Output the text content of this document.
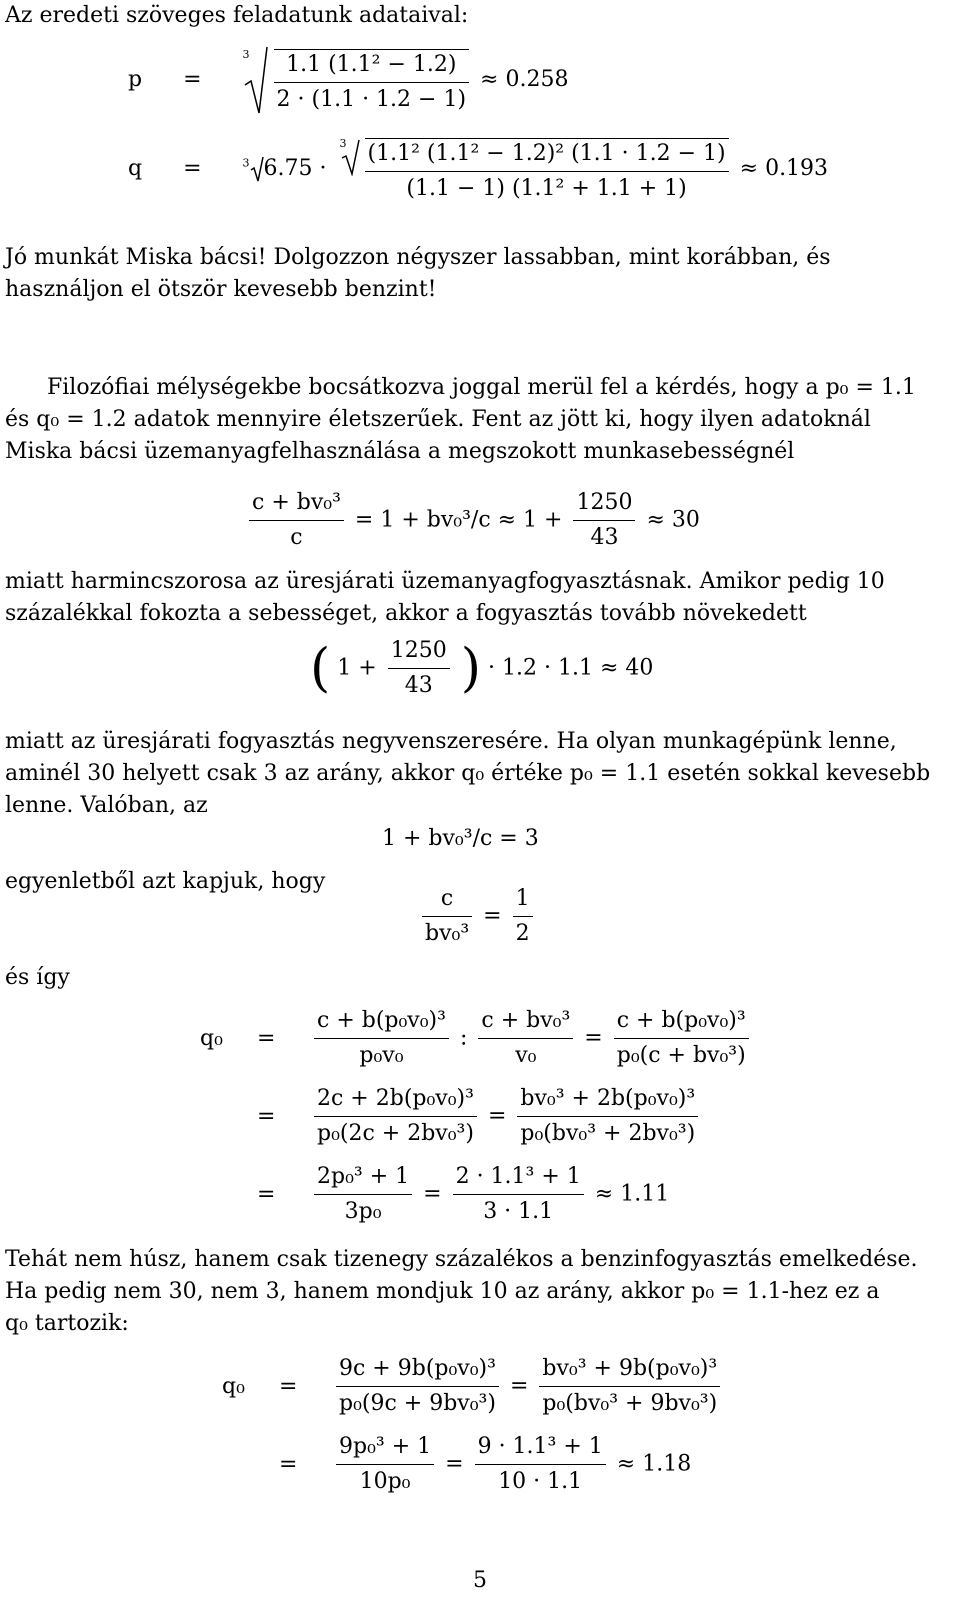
Az eredeti szöveges feladatunk adataival:
p =
3
$\frac{\text{1.1 (1.1² − 1.2)}}{2 \cdot (1.1 \cdot 1.2 - 1)} \approx 0.258$
q =	$^3$ 6.75 ·
3
$\frac{\text{(1.1² (1.1² − 1.2)² (1.1 · 1.2 − 1)}}{\text{(1.1 − 1) (1.1² + 1.1 + 1)}} \approx 0.193$
Jó munkát Miska bácsi! Dolgozzon négyszer lassabban, mint korábban, és
használjon el ötször kevesebb benzint!
Filozófiai mélységekbe bocsátkozva joggal merül fel a kérdés, hogy a p₀ = 1.1
és q₀ = 1.2 adatok mennyire életszerűek. Fent az jött ki, hogy ilyen adatoknál
Miska bácsi üzemanyagfelhasználása a megszokott munkasebességnél
$\frac{\text{c + bv₀³}}{c} = 1 + bv_0^3/c \approx 1 + \frac{1250}{43} \approx 30$
miatt harmincszorosa az üresjárati üzemanyagfogyasztásnak. Amikor pedig 10
százalékkal fokozta a sebességet, akkor a fogyasztás tovább növekedett
( $1 + \frac{1250}{43}$ ) · 1.2 · 1.1 ≈ 40
miatt az üresjárati fogyasztás negyvenszeresére. Ha olyan munkagépünk lenne,
aminél 30 helyett csak 3 az arány, akkor q₀ értéke p₀ = 1.1 esetén sokkal kevesebb
lenne. Valóban, az
1 + bv₀³/c = 3
egyenletből azt kapjuk, hogy
$\frac{c}{\text{bv₀³}} = \frac{1}{2}$
és így
$q_0 = \frac{\text{c + b(p₀v₀)³}}{\text{p₀v₀}}$ : $\frac{\text{c + bv₀³}}{\text{v₀}} = \frac{\text{c + b(p₀v₀)³}}{\text{p₀(c + bv₀³)}}$
= $\frac{\text{2c + 2b(p₀v₀)³}}{\text{p₀(2c + 2bv₀³)}} = \frac{\text{bv₀³ + 2b(p₀v₀)³}}{\text{p₀(bv₀³ + 2bv₀³)}}$
= $\frac{\text{2p₀³ + 1}}{\text{3p₀}} = \frac{\text{2 · 1.1³ + 1}}{3 \cdot 1.1} \approx 1.11$
Tehát nem húsz, hanem csak tizenegy százalékos a benzinfogyasztás emelkedése.
Ha pedig nem 30, nem 3, hanem mondjuk 10 az arány, akkor p₀ = 1.1-hez ez a
q₀ tartozik:
$q_0 = \frac{\text{9c + 9b(p₀v₀)³}}{\text{p₀(9c + 9bv₀³)}} = \frac{\text{bv₀³ + 9b(p₀v₀)³}}{\text{p₀(bv₀³ + 9bv₀³)}}$
= $\frac{\text{9p₀³ + 1}}{\text{10p₀}} = \frac{\text{9 · 1.1³ + 1}}{10 \cdot 1.1} \approx 1.18$
5
